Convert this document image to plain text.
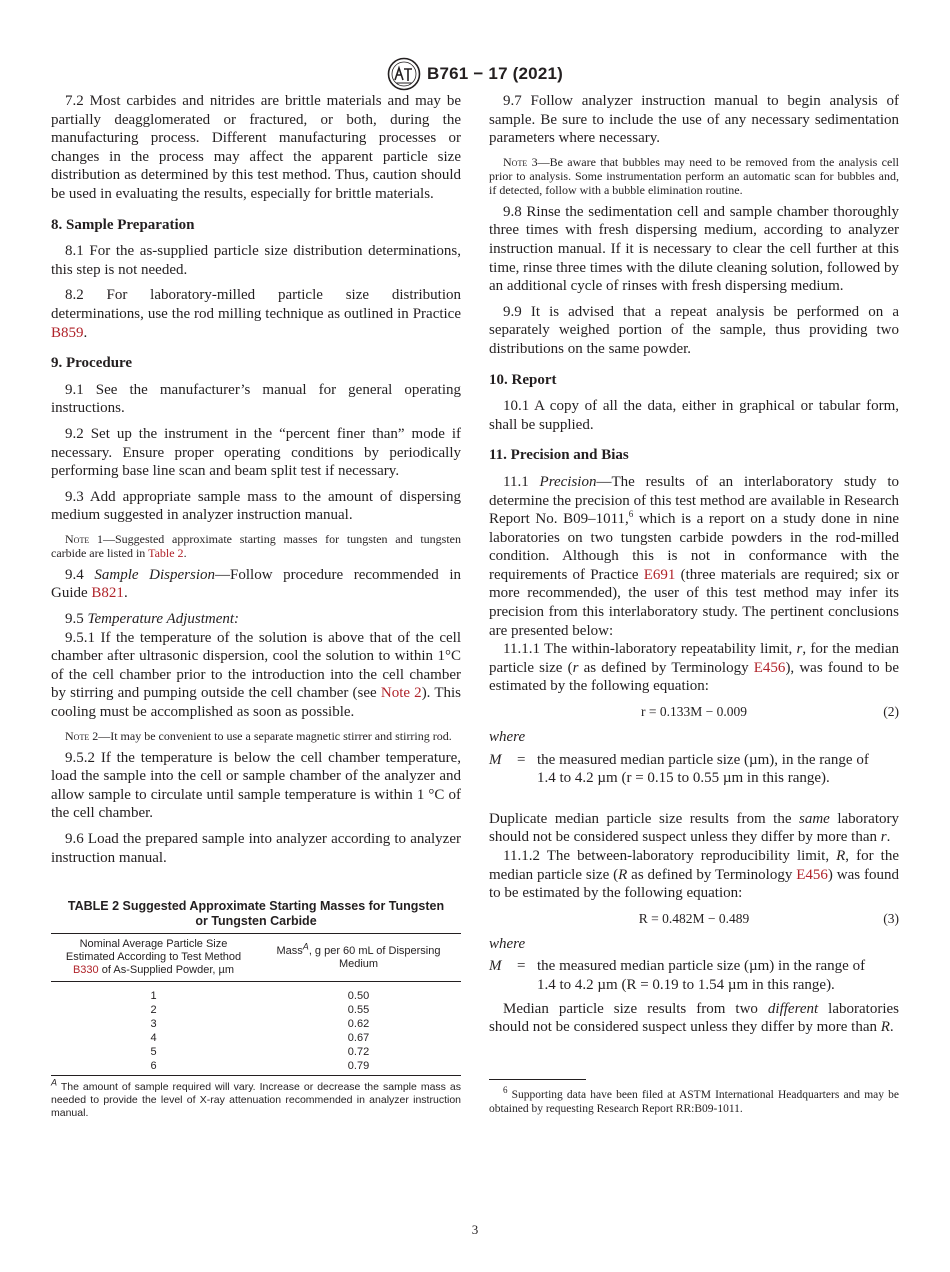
B761 − 17 (2021)

7.2 Most carbides and nitrides are brittle materials and may be partially deagglomerated or fractured, or both, during the manufacturing process. Different manufacturing processes or changes in the process may affect the apparent particle size distribution as determined by this test method. Thus, caution should be used in evaluating the results, especially for brittle materials.

8. Sample Preparation

8.1 For the as-supplied particle size distribution determinations, this step is not needed.

8.2 For laboratory-milled particle size distribution determinations, use the rod milling technique as outlined in Practice B859.

9. Procedure

9.1 See the manufacturer’s manual for general operating instructions.

9.2 Set up the instrument in the “percent finer than” mode if necessary. Ensure proper operating conditions by periodically performing base line scan and beam split test if necessary.

9.3 Add appropriate sample mass to the amount of dispersing medium suggested in analyzer instruction manual.

Note 1—Suggested approximate starting masses for tungsten and tungsten carbide are listed in Table 2.

9.4 Sample Dispersion—Follow procedure recommended in Guide B821.

9.5 Temperature Adjustment:

9.5.1 If the temperature of the solution is above that of the cell chamber after ultrasonic dispersion, cool the solution to within 1°C of the cell chamber prior to the introduction into the cell chamber by stirring and pumping outside the cell chamber (see Note 2). This cooling must be accomplished as soon as possible.

Note 2—It may be convenient to use a separate magnetic stirrer and stirring rod.

9.5.2 If the temperature is below the cell chamber temperature, load the sample into the cell or sample chamber of the analyzer and allow sample to circulate until sample temperature is within 1 °C of the cell chamber.

9.6 Load the prepared sample into analyzer according to analyzer instruction manual.

TABLE 2 Suggested Approximate Starting Masses for Tungsten
or Tungsten Carbide
Nominal Average Particle Size
Estimated According to Test Method
B330 of As-Supplied Powder, µm	Mass$^A$, g per 60 mL of Dispersing Medium
1	0.50
2	0.55
3	0.62
4	0.67
5	0.72
6	0.79

$^A$ The amount of sample required will vary. Increase or decrease the sample mass as needed to provide the level of X-ray attenuation recommended in analyzer instruction manual.

9.7 Follow analyzer instruction manual to begin analysis of sample. Be sure to include the use of any necessary sedimentation parameters where necessary.

Note 3—Be aware that bubbles may need to be removed from the analysis cell prior to analysis. Some instrumentation perform an automatic scan for bubbles and, if detected, follow with a bubble elimination routine.

9.8 Rinse the sedimentation cell and sample chamber thoroughly three times with fresh dispersing medium, according to analyzer instruction manual. If it is necessary to clear the cell further at this time, rinse three times with the dilute cleaning solution, followed by an additional cycle of rinses with fresh dispersing medium.

9.9 It is advised that a repeat analysis be performed on a separately weighed portion of the sample, thus providing two distributions on the same powder.

10. Report

10.1 A copy of all the data, either in graphical or tabular form, shall be supplied.

11. Precision and Bias

11.1 Precision—The results of an interlaboratory study to determine the precision of this test method are available in Research Report No. B09–1011,$^6$ which is a report on a study done in nine laboratories on two tungsten carbide powders in the rod-milled condition. Although this is not in conformance with the requirements of Practice E691 (three materials are required; six or more recommended), the user of this test method may infer its precision from this interlaboratory study. The pertinent conclusions are presented below:

11.1.1 The within-laboratory repeatability limit, r, for the median particle size (r as defined by Terminology E456), was found to be estimated by the following equation:

r = 0.133M − 0.009	(2)

where

M	= the measured median particle size (µm), in the range of
1.4 to 4.2 µm (r = 0.15 to 0.55 µm in this range).

Duplicate median particle size results from the same laboratory should not be considered suspect unless they differ by more than r.

11.1.2 The between-laboratory reproducibility limit, R, for the median particle size (R as defined by Terminology E456) was found to be estimated by the following equation:

R = 0.482M − 0.489	(3)

where

M	= the measured median particle size (µm) in the range of
1.4 to 4.2 µm (R = 0.19 to 1.54 µm in this range).

Median particle size results from two different laboratories should not be considered suspect unless they differ by more than R.

$^6$ Supporting data have been filed at ASTM International Headquarters and may be obtained by requesting Research Report RR:B09-1011.

3
